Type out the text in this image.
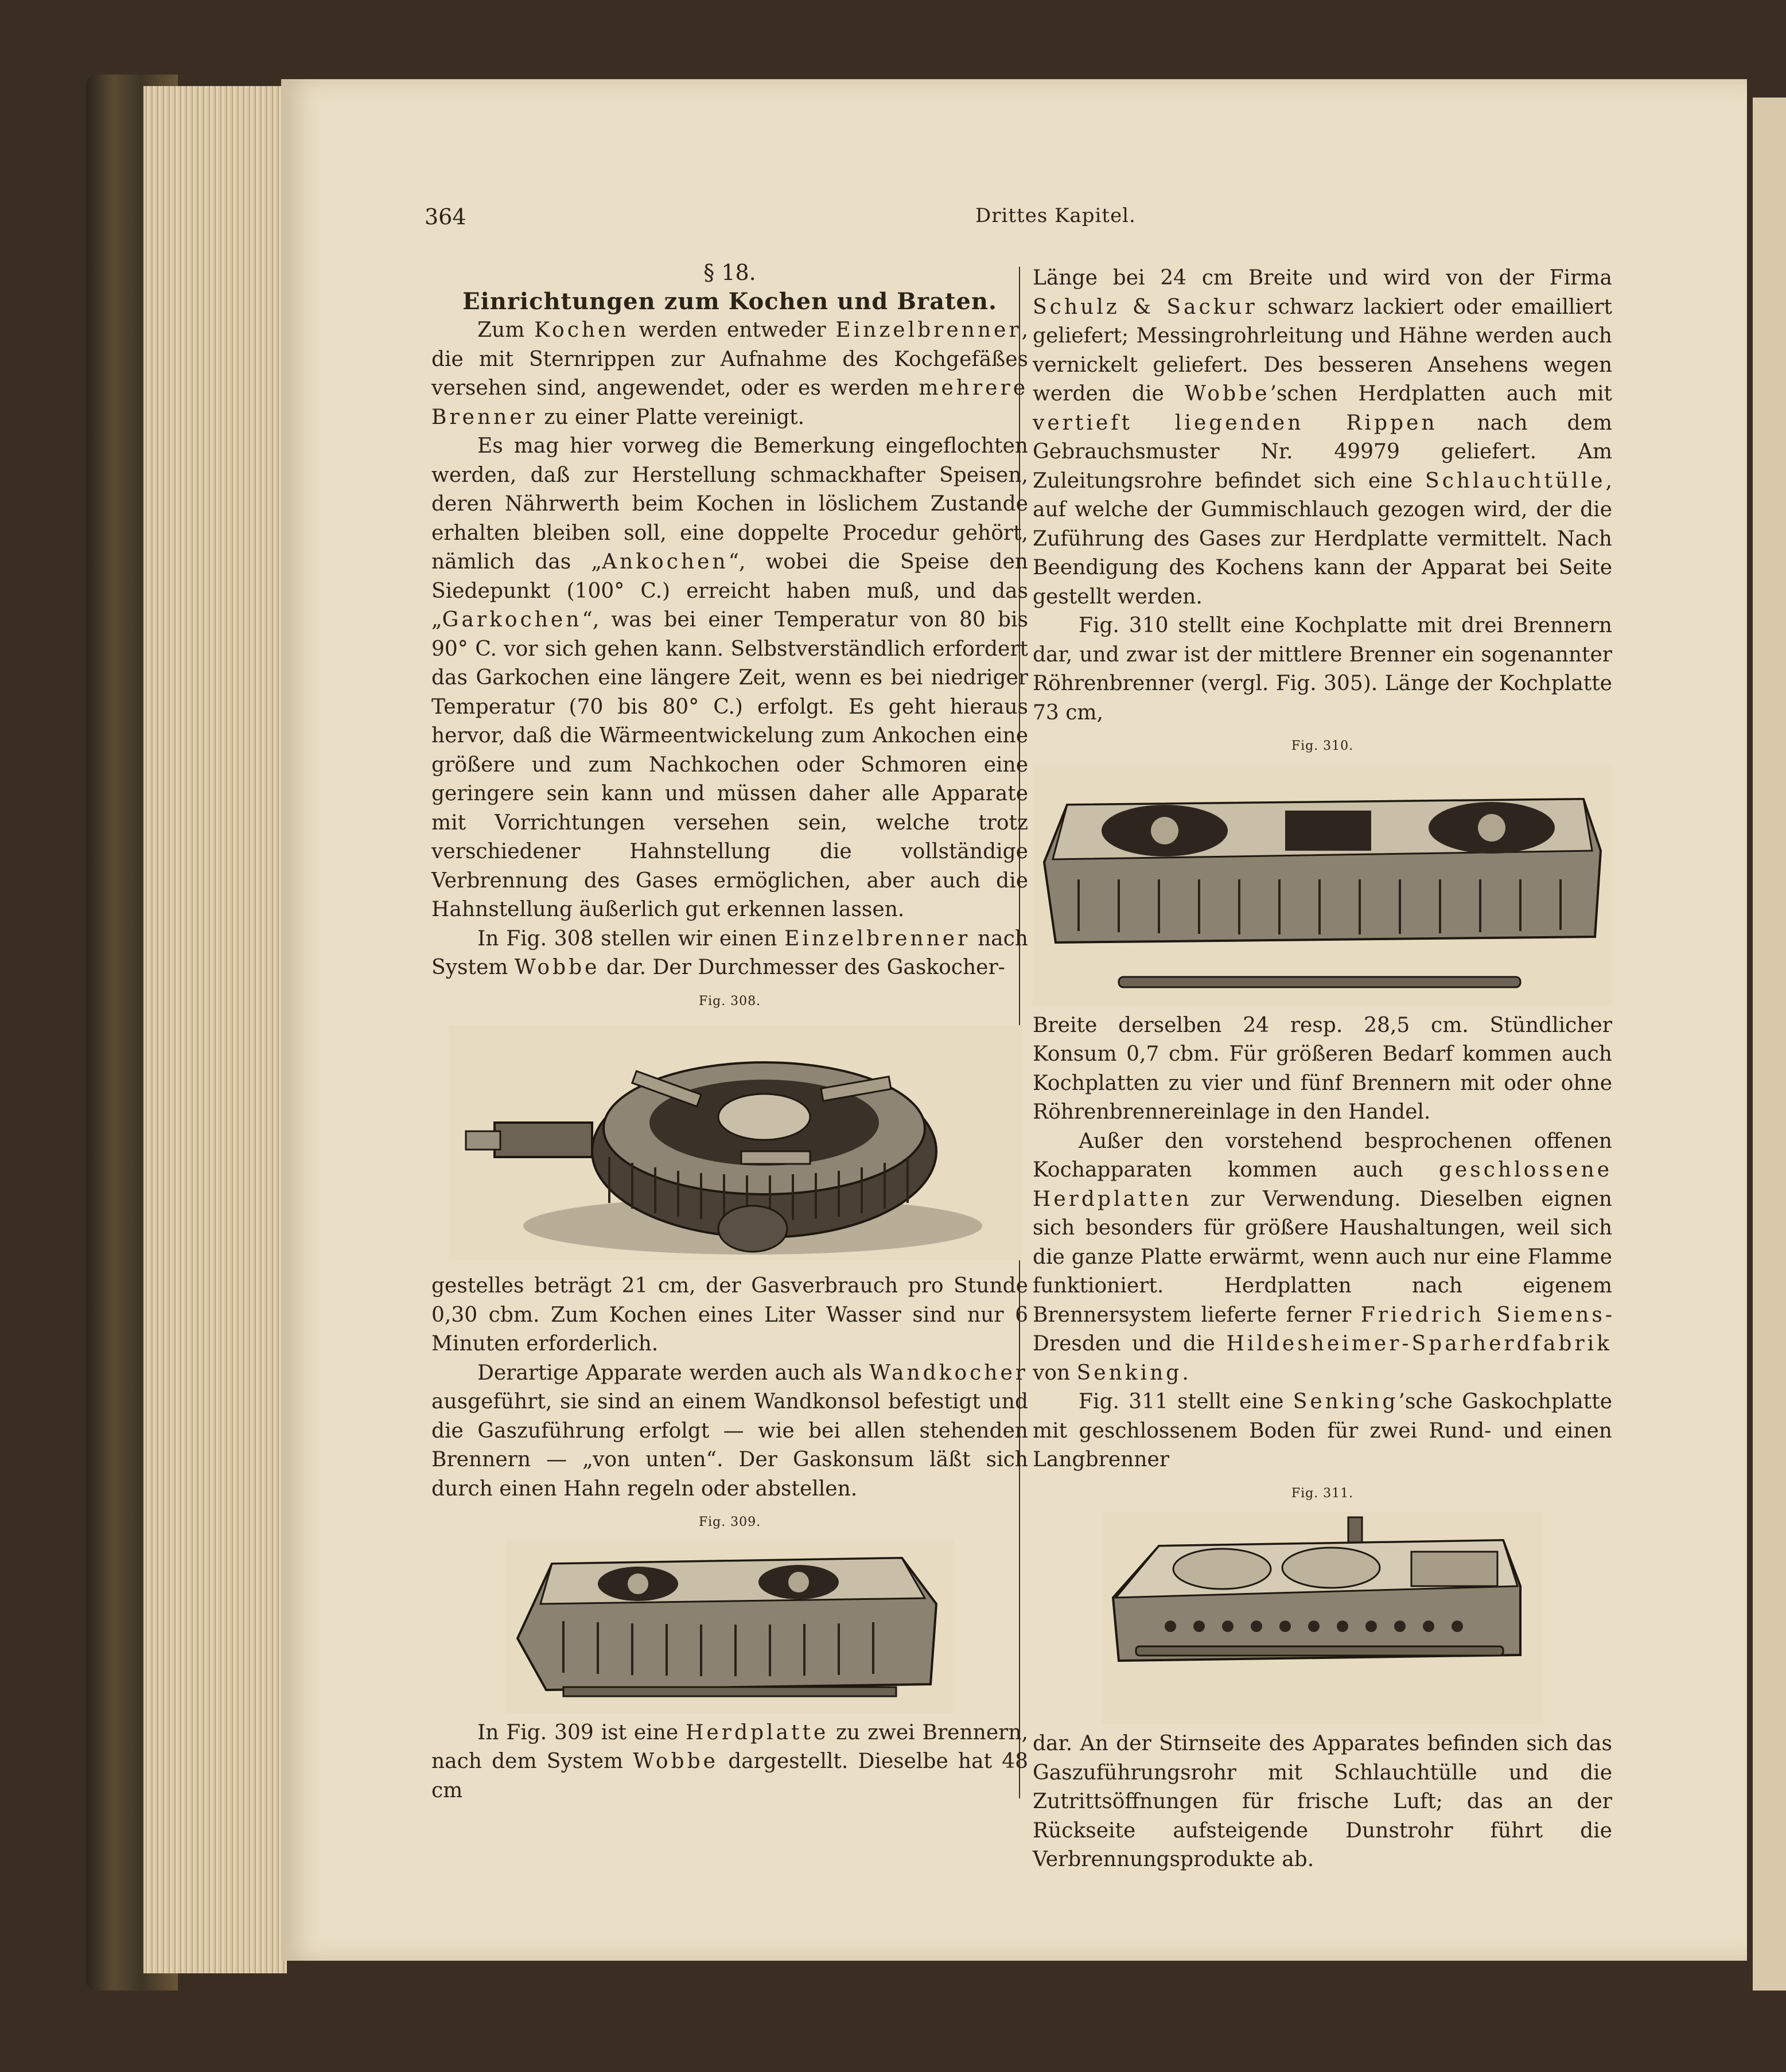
364	Drittes Kapitel.
§ 18.
Einrichtungen zum Kochen und Braten.

Zum Kochen werden entweder Einzelbrenner, die mit Sternrippen zur Aufnahme des Kochgefäßes versehen sind, angewendet, oder es werden mehrere Brenner zu einer Platte vereinigt.

Es mag hier vorweg die Bemerkung eingeflochten werden, daß zur Herstellung schmackhafter Speisen, deren Nährwerth beim Kochen in löslichem Zustande erhalten bleiben soll, eine doppelte Procedur gehört, nämlich das „Ankochen“, wobei die Speise den Siedepunkt (100° C.) erreicht haben muß, und das „Garkochen“, was bei einer Temperatur von 80 bis 90° C. vor sich gehen kann. Selbstverständlich erfordert das Garkochen eine längere Zeit, wenn es bei niedriger Temperatur (70 bis 80° C.) erfolgt. Es geht hieraus hervor, daß die Wärmeentwickelung zum Ankochen eine größere und zum Nachkochen oder Schmoren eine geringere sein kann und müssen daher alle Apparate mit Vorrichtungen versehen sein, welche trotz verschiedener Hahnstellung die vollständige Verbrennung des Gases ermöglichen, aber auch die Hahnstellung äußerlich gut erkennen lassen.

In Fig. 308 stellen wir einen Einzelbrenner nach System Wobbe dar. Der Durchmesser des Gaskocher-

Fig. 308.

gestelles beträgt 21 cm, der Gasverbrauch pro Stunde 0,30 cbm. Zum Kochen eines Liter Wasser sind nur 6 Minuten erforderlich.

Derartige Apparate werden auch als Wandkocher ausgeführt, sie sind an einem Wandkonsol befestigt und die Gaszuführung erfolgt — wie bei allen stehenden Brennern — „von unten“. Der Gaskonsum läßt sich durch einen Hahn regeln oder abstellen.

Fig. 309.

In Fig. 309 ist eine Herdplatte zu zwei Brennern, nach dem System Wobbe dargestellt. Dieselbe hat 48 cm

Länge bei 24 cm Breite und wird von der Firma Schulz & Sackur schwarz lackiert oder emailliert geliefert; Messingrohrleitung und Hähne werden auch vernickelt geliefert. Des besseren Ansehens wegen werden die Wobbe’schen Herdplatten auch mit vertieft liegenden Rippen nach dem Gebrauchsmuster Nr. 49979 geliefert. Am Zuleitungsrohre befindet sich eine Schlauchtülle, auf welche der Gummischlauch gezogen wird, der die Zuführung des Gases zur Herdplatte vermittelt. Nach Beendigung des Kochens kann der Apparat bei Seite gestellt werden.

Fig. 310 stellt eine Kochplatte mit drei Brennern dar, und zwar ist der mittlere Brenner ein sogenannter Röhrenbrenner (vergl. Fig. 305). Länge der Kochplatte 73 cm,

Fig. 310.

Breite derselben 24 resp. 28,5 cm. Stündlicher Konsum 0,7 cbm. Für größeren Bedarf kommen auch Kochplatten zu vier und fünf Brennern mit oder ohne Röhrenbrennereinlage in den Handel.

Außer den vorstehend besprochenen offenen Kochapparaten kommen auch geschlossene Herdplatten zur Verwendung. Dieselben eignen sich besonders für größere Haushaltungen, weil sich die ganze Platte erwärmt, wenn auch nur eine Flamme funktioniert. Herdplatten nach eigenem Brennersystem lieferte ferner Friedrich Siemens-Dresden und die Hildesheimer-Sparherdfabrik von Senking.

Fig. 311 stellt eine Senking’sche Gaskochplatte mit geschlossenem Boden für zwei Rund- und einen Langbrenner

Fig. 311.

dar. An der Stirnseite des Apparates befinden sich das Gaszuführungsrohr mit Schlauchtülle und die Zutrittsöffnungen für frische Luft; das an der Rückseite aufsteigende Dunstrohr führt die Verbrennungsprodukte ab.
